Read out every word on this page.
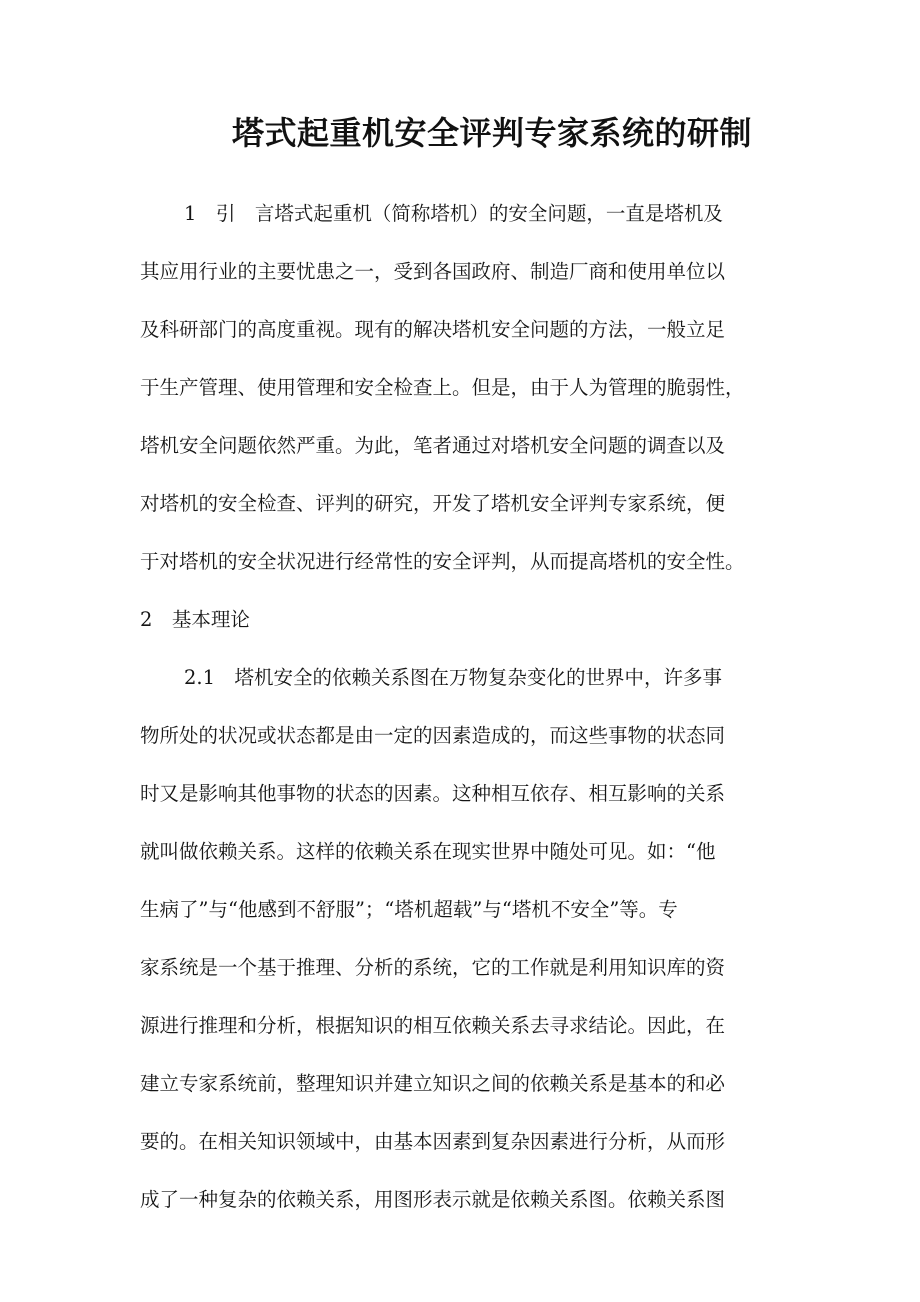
塔式起重机安全评判专家系统的研制
1　引　言塔式起重机（简称塔机）的安全问题，一直是塔机及
其应用行业的主要忧患之一，受到各国政府、制造厂商和使用单位以
及科研部门的高度重视。现有的解决塔机安全问题的方法，一般立足
于生产管理、使用管理和安全检查上。但是，由于人为管理的脆弱性，
塔机安全问题依然严重。为此，笔者通过对塔机安全问题的调查以及
对塔机的安全检查、评判的研究，开发了塔机安全评判专家系统，便
于对塔机的安全状况进行经常性的安全评判，从而提高塔机的安全性。
2　基本理论
2.1　塔机安全的依赖关系图在万物复杂变化的世界中，许多事
物所处的状况或状态都是由一定的因素造成的，而这些事物的状态同
时又是影响其他事物的状态的因素。这种相互依存、相互影响的关系
就叫做依赖关系。这样的依赖关系在现实世界中随处可见。如：“他
生病了”与“他感到不舒服”；“塔机超载”与“塔机不安全”等。专
家系统是一个基于推理、分析的系统，它的工作就是利用知识库的资
源进行推理和分析，根据知识的相互依赖关系去寻求结论。因此，在
建立专家系统前，整理知识并建立知识之间的依赖关系是基本的和必
要的。在相关知识领域中，由基本因素到复杂因素进行分析，从而形
成了一种复杂的依赖关系，用图形表示就是依赖关系图。依赖关系图
